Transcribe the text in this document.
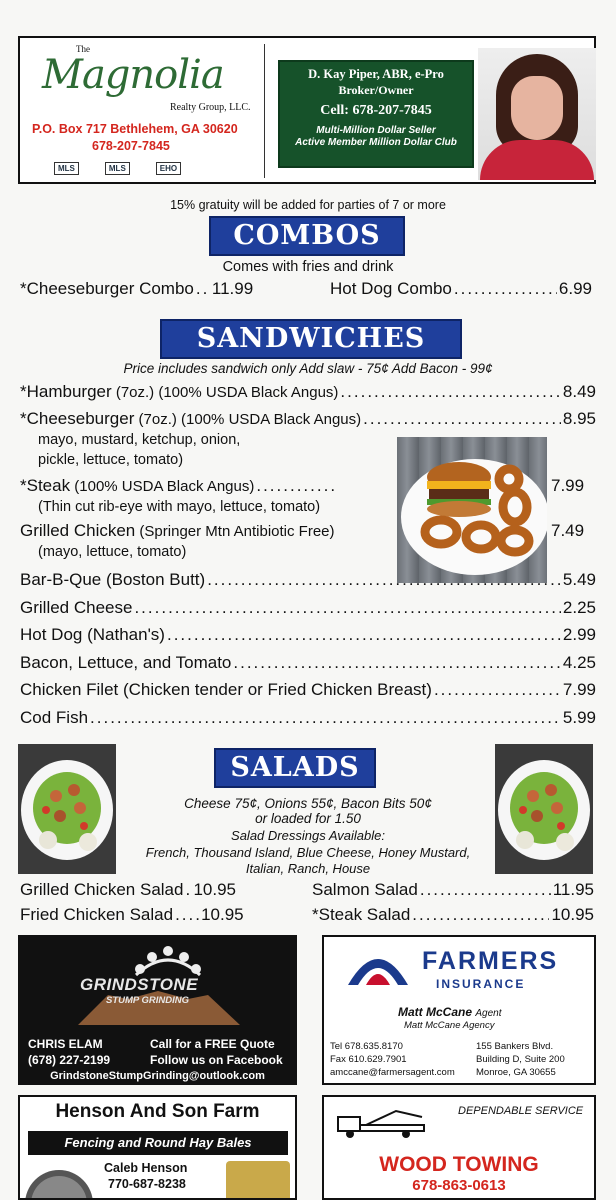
The
Magnolia
Realty Group, LLC.
P.O. Box 717 Bethlehem, GA 30620
678-207-7845
MLS	MLS	EHO
D. Kay Piper, ABR, e-Pro
Broker/Owner
Cell: 678-207-7845
Multi-Million Dollar Seller
Active Member Million Dollar Club
15% gratuity will be added for parties of 7 or more
COMBOS
Comes with fries and drink
*Cheeseburger Combo ..... 11.99	Hot Dog Combo .....	6.99
SANDWICHES
Price includes sandwich only Add slaw - 75¢ Add Bacon - 99¢
*Hamburger (7oz.) (100% USDA Black Angus) .....	8.49
*Cheeseburger (7oz.) (100% USDA Black Angus) .....	8.95
mayo, mustard, ketchup, onion,
pickle, lettuce, tomato)
*Steak (100% USDA Black Angus) .....	7.99
(Thin cut rib-eye with mayo, lettuce, tomato)
Grilled Chicken (Springer Mtn Antibiotic Free)	7.49
(mayo, lettuce, tomato)
Bar-B-Que (Boston Butt) .....	5.49
Grilled Cheese .....	2.25
Hot Dog (Nathan's) .....	2.99
Bacon, Lettuce, and Tomato .....	4.25
Chicken Filet (Chicken tender or Fried Chicken Breast) .....	7.99
Cod Fish .....	5.99
SALADS
Cheese 75¢, Onions 55¢, Bacon Bits 50¢
or loaded for 1.50
Salad Dressings Available:
French, Thousand Island, Blue Cheese, Honey Mustard,
Italian, Ranch, House
Grilled Chicken Salad ..... 10.95	Salmon Salad .....	11.95
Fried Chicken Salad ..... 10.95	*Steak Salad .....	10.95
GRINDSTONE
STUMP GRINDING
CHRIS ELAM
(678) 227-2199
Call for a FREE Quote
Follow us on Facebook
GrindstoneStumpGrinding@outlook.com
FARMERS
INSURANCE
Matt McCane Agent
Matt McCane Agency
Tel 678.635.8170
Fax 610.629.7901
amccane@farmersagent.com
155 Bankers Blvd.
Building D, Suite 200
Monroe, GA 30655
Henson And Son Farm
Fencing and Round Hay Bales
Caleb Henson
770-687-8238
DEPENDABLE SERVICE
WOOD TOWING
678-863-0613
